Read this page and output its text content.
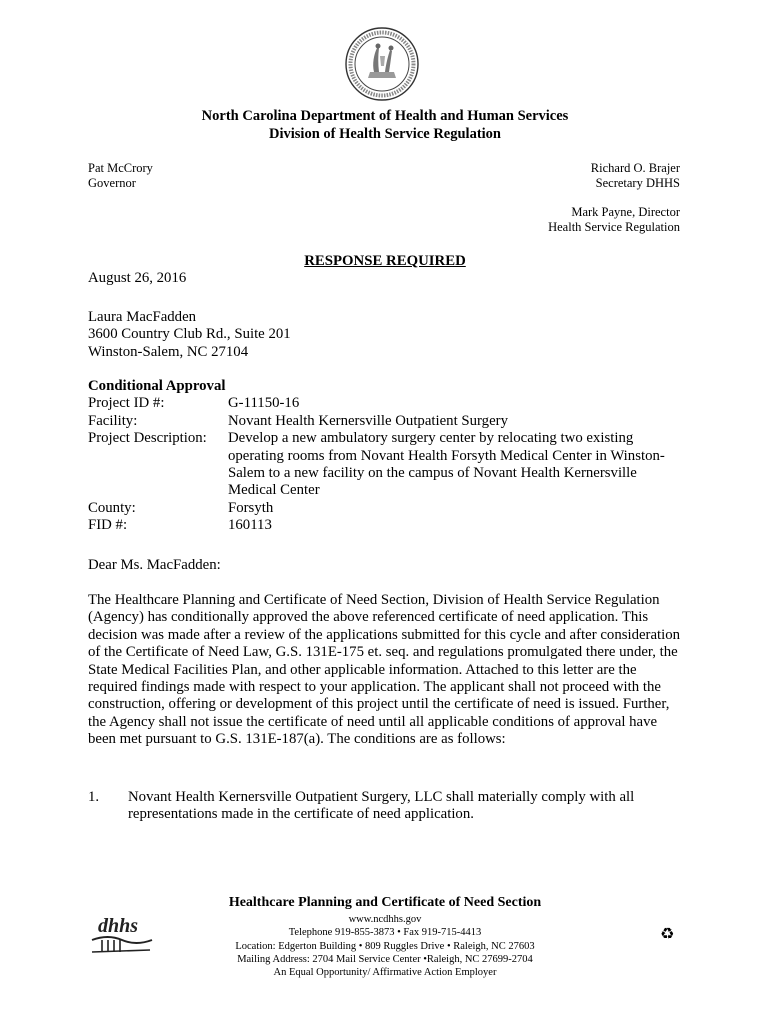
North Carolina Department of Health and Human Services
Division of Health Service Regulation
Pat McCrory
Governor
Richard O. Brajer
Secretary DHHS
Mark Payne, Director
Health Service Regulation
RESPONSE REQUIRED
August 26, 2016
Laura MacFadden
3600 Country Club Rd., Suite 201
Winston-Salem, NC 27104
Conditional Approval
Project ID #:	G-11150-16
Facility:	Novant Health Kernersville Outpatient Surgery
Project Description:	Develop a new ambulatory surgery center by relocating two existing operating rooms from Novant Health Forsyth Medical Center in Winston-Salem to a new facility on the campus of Novant Health Kernersville Medical Center
County:	Forsyth
FID #:	160113
Dear Ms. MacFadden:
The Healthcare Planning and Certificate of Need Section, Division of Health Service Regulation (Agency) has conditionally approved the above referenced certificate of need application. This decision was made after a review of the applications submitted for this cycle and after consideration of the Certificate of Need Law, G.S. 131E-175 et. seq. and regulations promulgated there under, the State Medical Facilities Plan, and other applicable information. Attached to this letter are the required findings made with respect to your application. The applicant shall not proceed with the construction, offering or development of this project until the certificate of need is issued. Further, the Agency shall not issue the certificate of need until all applicable conditions of approval have been met pursuant to G.S. 131E-187(a). The conditions are as follows:
1.	Novant Health Kernersville Outpatient Surgery, LLC shall materially comply with all representations made in the certificate of need application.
dhhs
Healthcare Planning and Certificate of Need Section
www.ncdhhs.gov
Telephone 919-855-3873 • Fax 919-715-4413
Location: Edgerton Building • 809 Ruggles Drive • Raleigh, NC 27603
Mailing Address: 2704 Mail Service Center •Raleigh, NC 27699-2704
An Equal Opportunity/ Affirmative Action Employer
♻
